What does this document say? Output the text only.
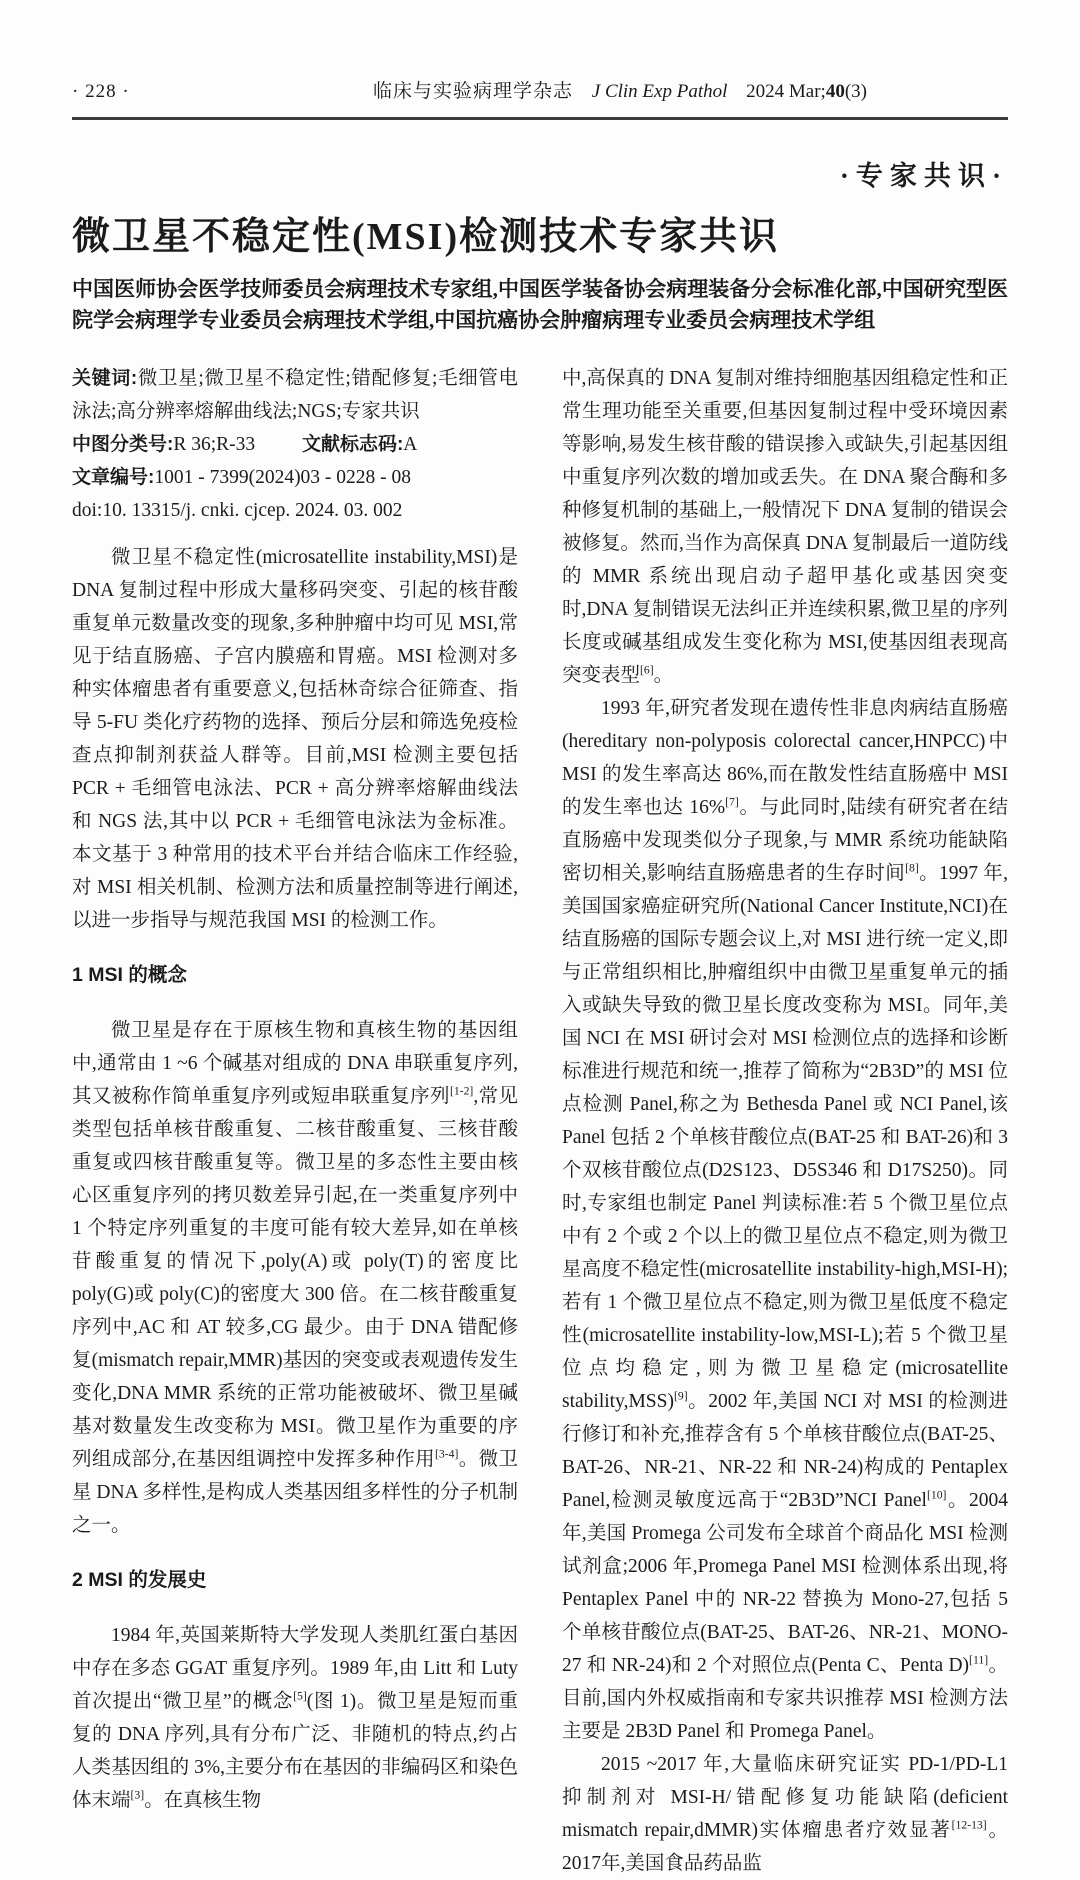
· 228 ·	临床与实验病理学杂志 J Clin Exp Pathol 2024 Mar;40(3)
·专家共识·
微卫星不稳定性(MSI)检测技术专家共识
中国医师协会医学技师委员会病理技术专家组,中国医学装备协会病理装备分会标准化部,中国研究型医院学会病理学专业委员会病理技术学组,中国抗癌协会肿瘤病理专业委员会病理技术学组

关键词:微卫星;微卫星不稳定性;错配修复;毛细管电泳法;高分辨率熔解曲线法;NGS;专家共识

中图分类号:R 36;R-33 文献标志码:A

文章编号:1001 - 7399(2024)03 - 0228 - 08

doi:10. 13315/j. cnki. cjcep. 2024. 03. 002

微卫星不稳定性(microsatellite instability,MSI)是 DNA 复制过程中形成大量移码突变、引起的核苷酸重复单元数量改变的现象,多种肿瘤中均可见 MSI,常见于结直肠癌、子宫内膜癌和胃癌。MSI 检测对多种实体瘤患者有重要意义,包括林奇综合征筛查、指导 5-FU 类化疗药物的选择、预后分层和筛选免疫检查点抑制剂获益人群等。目前,MSI 检测主要包括 PCR + 毛细管电泳法、PCR + 高分辨率熔解曲线法和 NGS 法,其中以 PCR + 毛细管电泳法为金标准。本文基于 3 种常用的技术平台并结合临床工作经验,对 MSI 相关机制、检测方法和质量控制等进行阐述,以进一步指导与规范我国 MSI 的检测工作。

1 MSI 的概念

微卫星是存在于原核生物和真核生物的基因组中,通常由 1 ~6 个碱基对组成的 DNA 串联重复序列,其又被称作简单重复序列或短串联重复序列[1-2],常见类型包括单核苷酸重复、二核苷酸重复、三核苷酸重复或四核苷酸重复等。微卫星的多态性主要由核心区重复序列的拷贝数差异引起,在一类重复序列中 1 个特定序列重复的丰度可能有较大差异,如在单核苷酸重复的情况下,poly(A)或 poly(T)的密度比 poly(G)或 poly(C)的密度大 300 倍。在二核苷酸重复序列中,AC 和 AT 较多,CG 最少。由于 DNA 错配修复(mismatch repair,MMR)基因的突变或表观遗传发生变化,DNA MMR 系统的正常功能被破坏、微卫星碱基对数量发生改变称为 MSI。微卫星作为重要的序列组成部分,在基因组调控中发挥多种作用[3-4]。微卫星 DNA 多样性,是构成人类基因组多样性的分子机制之一。

2 MSI 的发展史

1984 年,英国莱斯特大学发现人类肌红蛋白基因中存在多态 GGAT 重复序列。1989 年,由 Litt 和 Luty 首次提出“微卫星”的概念[5](图 1)。微卫星是短而重复的 DNA 序列,具有分布广泛、非随机的特点,约占人类基因组的 3%,主要分布在基因的非编码区和染色体末端[3]。在真核生物

中,高保真的 DNA 复制对维持细胞基因组稳定性和正常生理功能至关重要,但基因复制过程中受环境因素等影响,易发生核苷酸的错误掺入或缺失,引起基因组中重复序列次数的增加或丢失。在 DNA 聚合酶和多种修复机制的基础上,一般情况下 DNA 复制的错误会被修复。然而,当作为高保真 DNA 复制最后一道防线的 MMR 系统出现启动子超甲基化或基因突变时,DNA 复制错误无法纠正并连续积累,微卫星的序列长度或碱基组成发生变化称为 MSI,使基因组表现高突变表型[6]。

1993 年,研究者发现在遗传性非息肉病结直肠癌(hereditary non-polyposis colorectal cancer,HNPCC)中 MSI 的发生率高达 86%,而在散发性结直肠癌中 MSI 的发生率也达 16%[7]。与此同时,陆续有研究者在结直肠癌中发现类似分子现象,与 MMR 系统功能缺陷密切相关,影响结直肠癌患者的生存时间[8]。1997 年,美国国家癌症研究所(National Cancer Institute,NCI)在结直肠癌的国际专题会议上,对 MSI 进行统一定义,即与正常组织相比,肿瘤组织中由微卫星重复单元的插入或缺失导致的微卫星长度改变称为 MSI。同年,美国 NCI 在 MSI 研讨会对 MSI 检测位点的选择和诊断标准进行规范和统一,推荐了简称为“2B3D”的 MSI 位点检测 Panel,称之为 Bethesda Panel 或 NCI Panel,该 Panel 包括 2 个单核苷酸位点(BAT-25 和 BAT-26)和 3 个双核苷酸位点(D2S123、D5S346 和 D17S250)。同时,专家组也制定 Panel 判读标准:若 5 个微卫星位点中有 2 个或 2 个以上的微卫星位点不稳定,则为微卫星高度不稳定性(microsatellite instability-high,MSI-H);若有 1 个微卫星位点不稳定,则为微卫星低度不稳定性(microsatellite instability-low,MSI-L);若 5 个微卫星位点均稳定,则为微卫星稳定(microsatellite stability,MSS)[9]。2002 年,美国 NCI 对 MSI 的检测进行修订和补充,推荐含有 5 个单核苷酸位点(BAT-25、BAT-26、NR-21、NR-22 和 NR-24)构成的 Pentaplex Panel,检测灵敏度远高于“2B3D”NCI Panel[10]。2004 年,美国 Promega 公司发布全球首个商品化 MSI 检测试剂盒;2006 年,Promega Panel MSI 检测体系出现,将 Pentaplex Panel 中的 NR-22 替换为 Mono-27,包括 5 个单核苷酸位点(BAT-25、BAT-26、NR-21、MONO-27 和 NR-24)和 2 个对照位点(Penta C、Penta D)[11]。目前,国内外权威指南和专家共识推荐 MSI 检测方法主要是 2B3D Panel 和 Promega Panel。

2015 ~2017 年,大量临床研究证实 PD-1/PD-L1 抑制剂对 MSI-H/错配修复功能缺陷(deficient mismatch repair,dMMR)实体瘤患者疗效显著[12-13]。2017年,美国食品药品监
